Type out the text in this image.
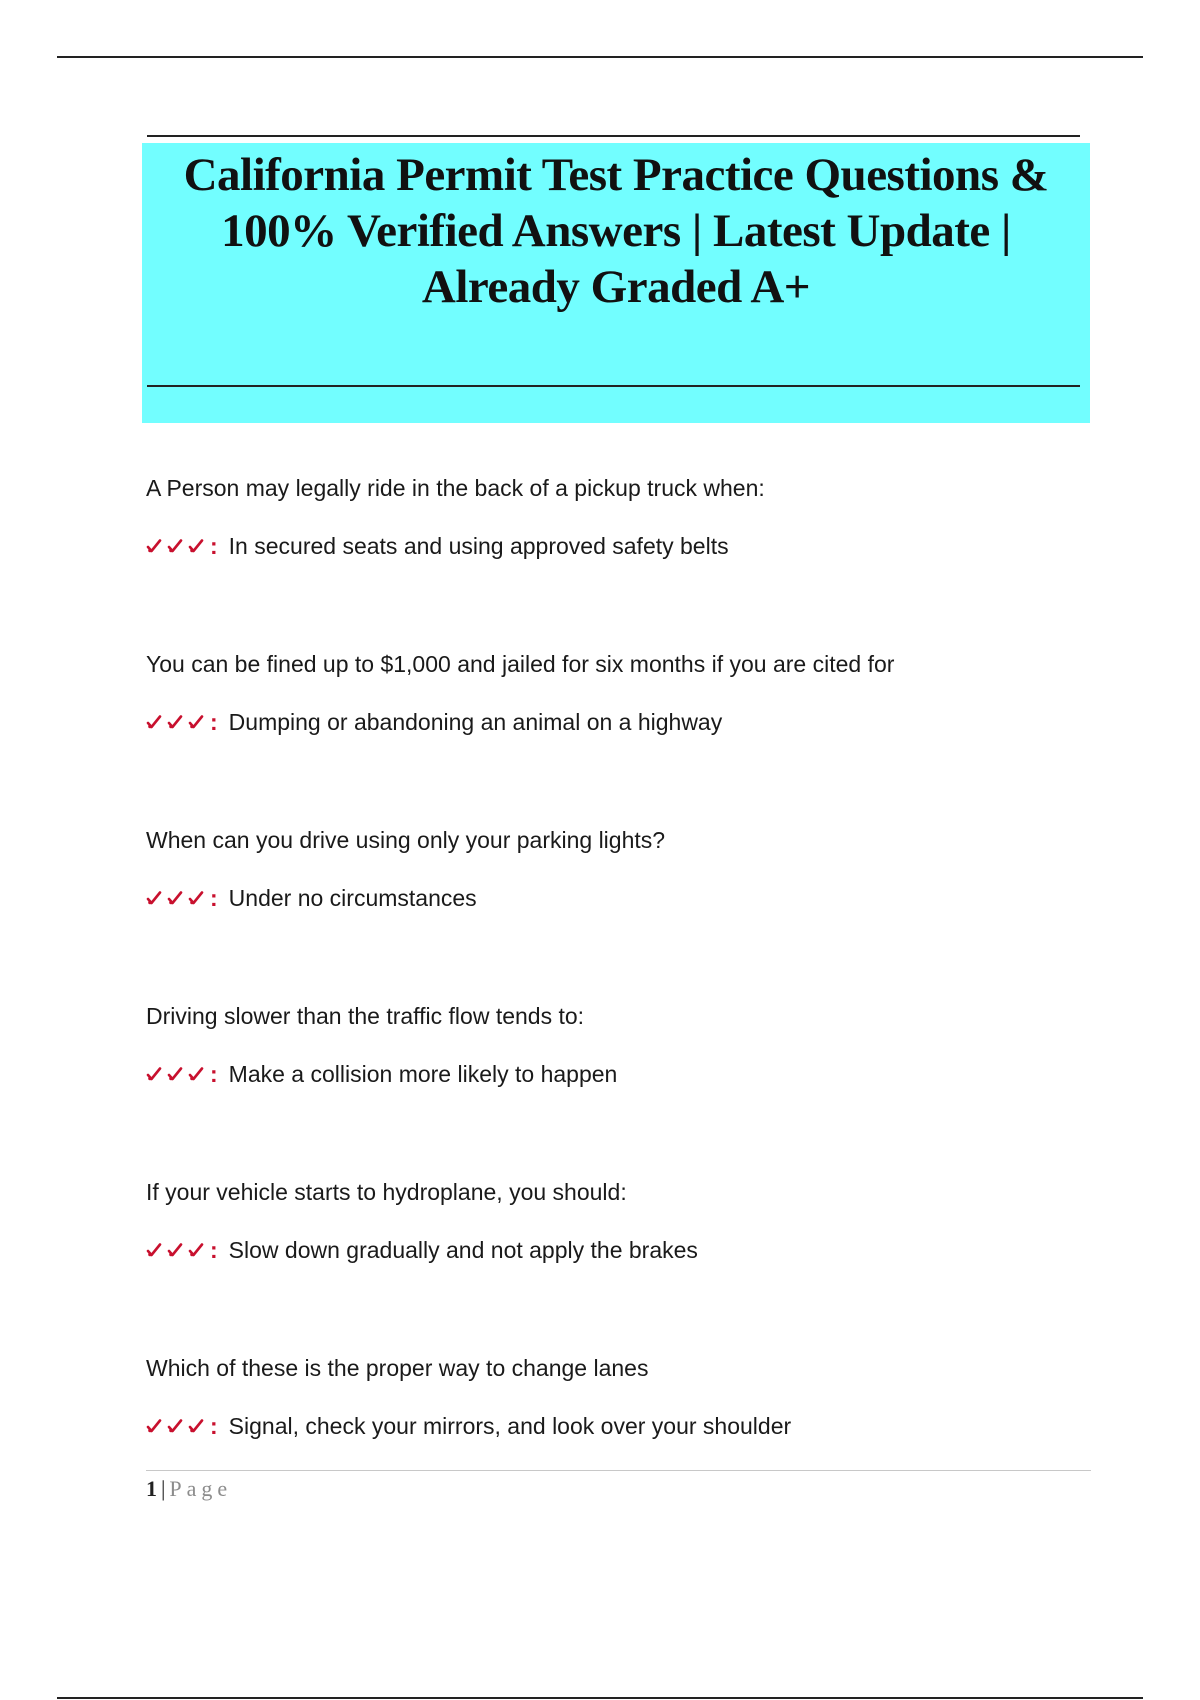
California Permit Test Practice Questions & 100% Verified Answers | Latest Update | Already Graded A+
A Person may legally ride in the back of a pickup truck when:
: In secured seats and using approved safety belts
You can be fined up to $1,000 and jailed for six months if you are cited for
: Dumping or abandoning an animal on a highway
When can you drive using only your parking lights?
: Under no circumstances
Driving slower than the traffic flow tends to:
: Make a collision more likely to happen
If your vehicle starts to hydroplane, you should:
: Slow down gradually and not apply the brakes
Which of these is the proper way to change lanes
: Signal, check your mirrors, and look over your shoulder
1 | Page
